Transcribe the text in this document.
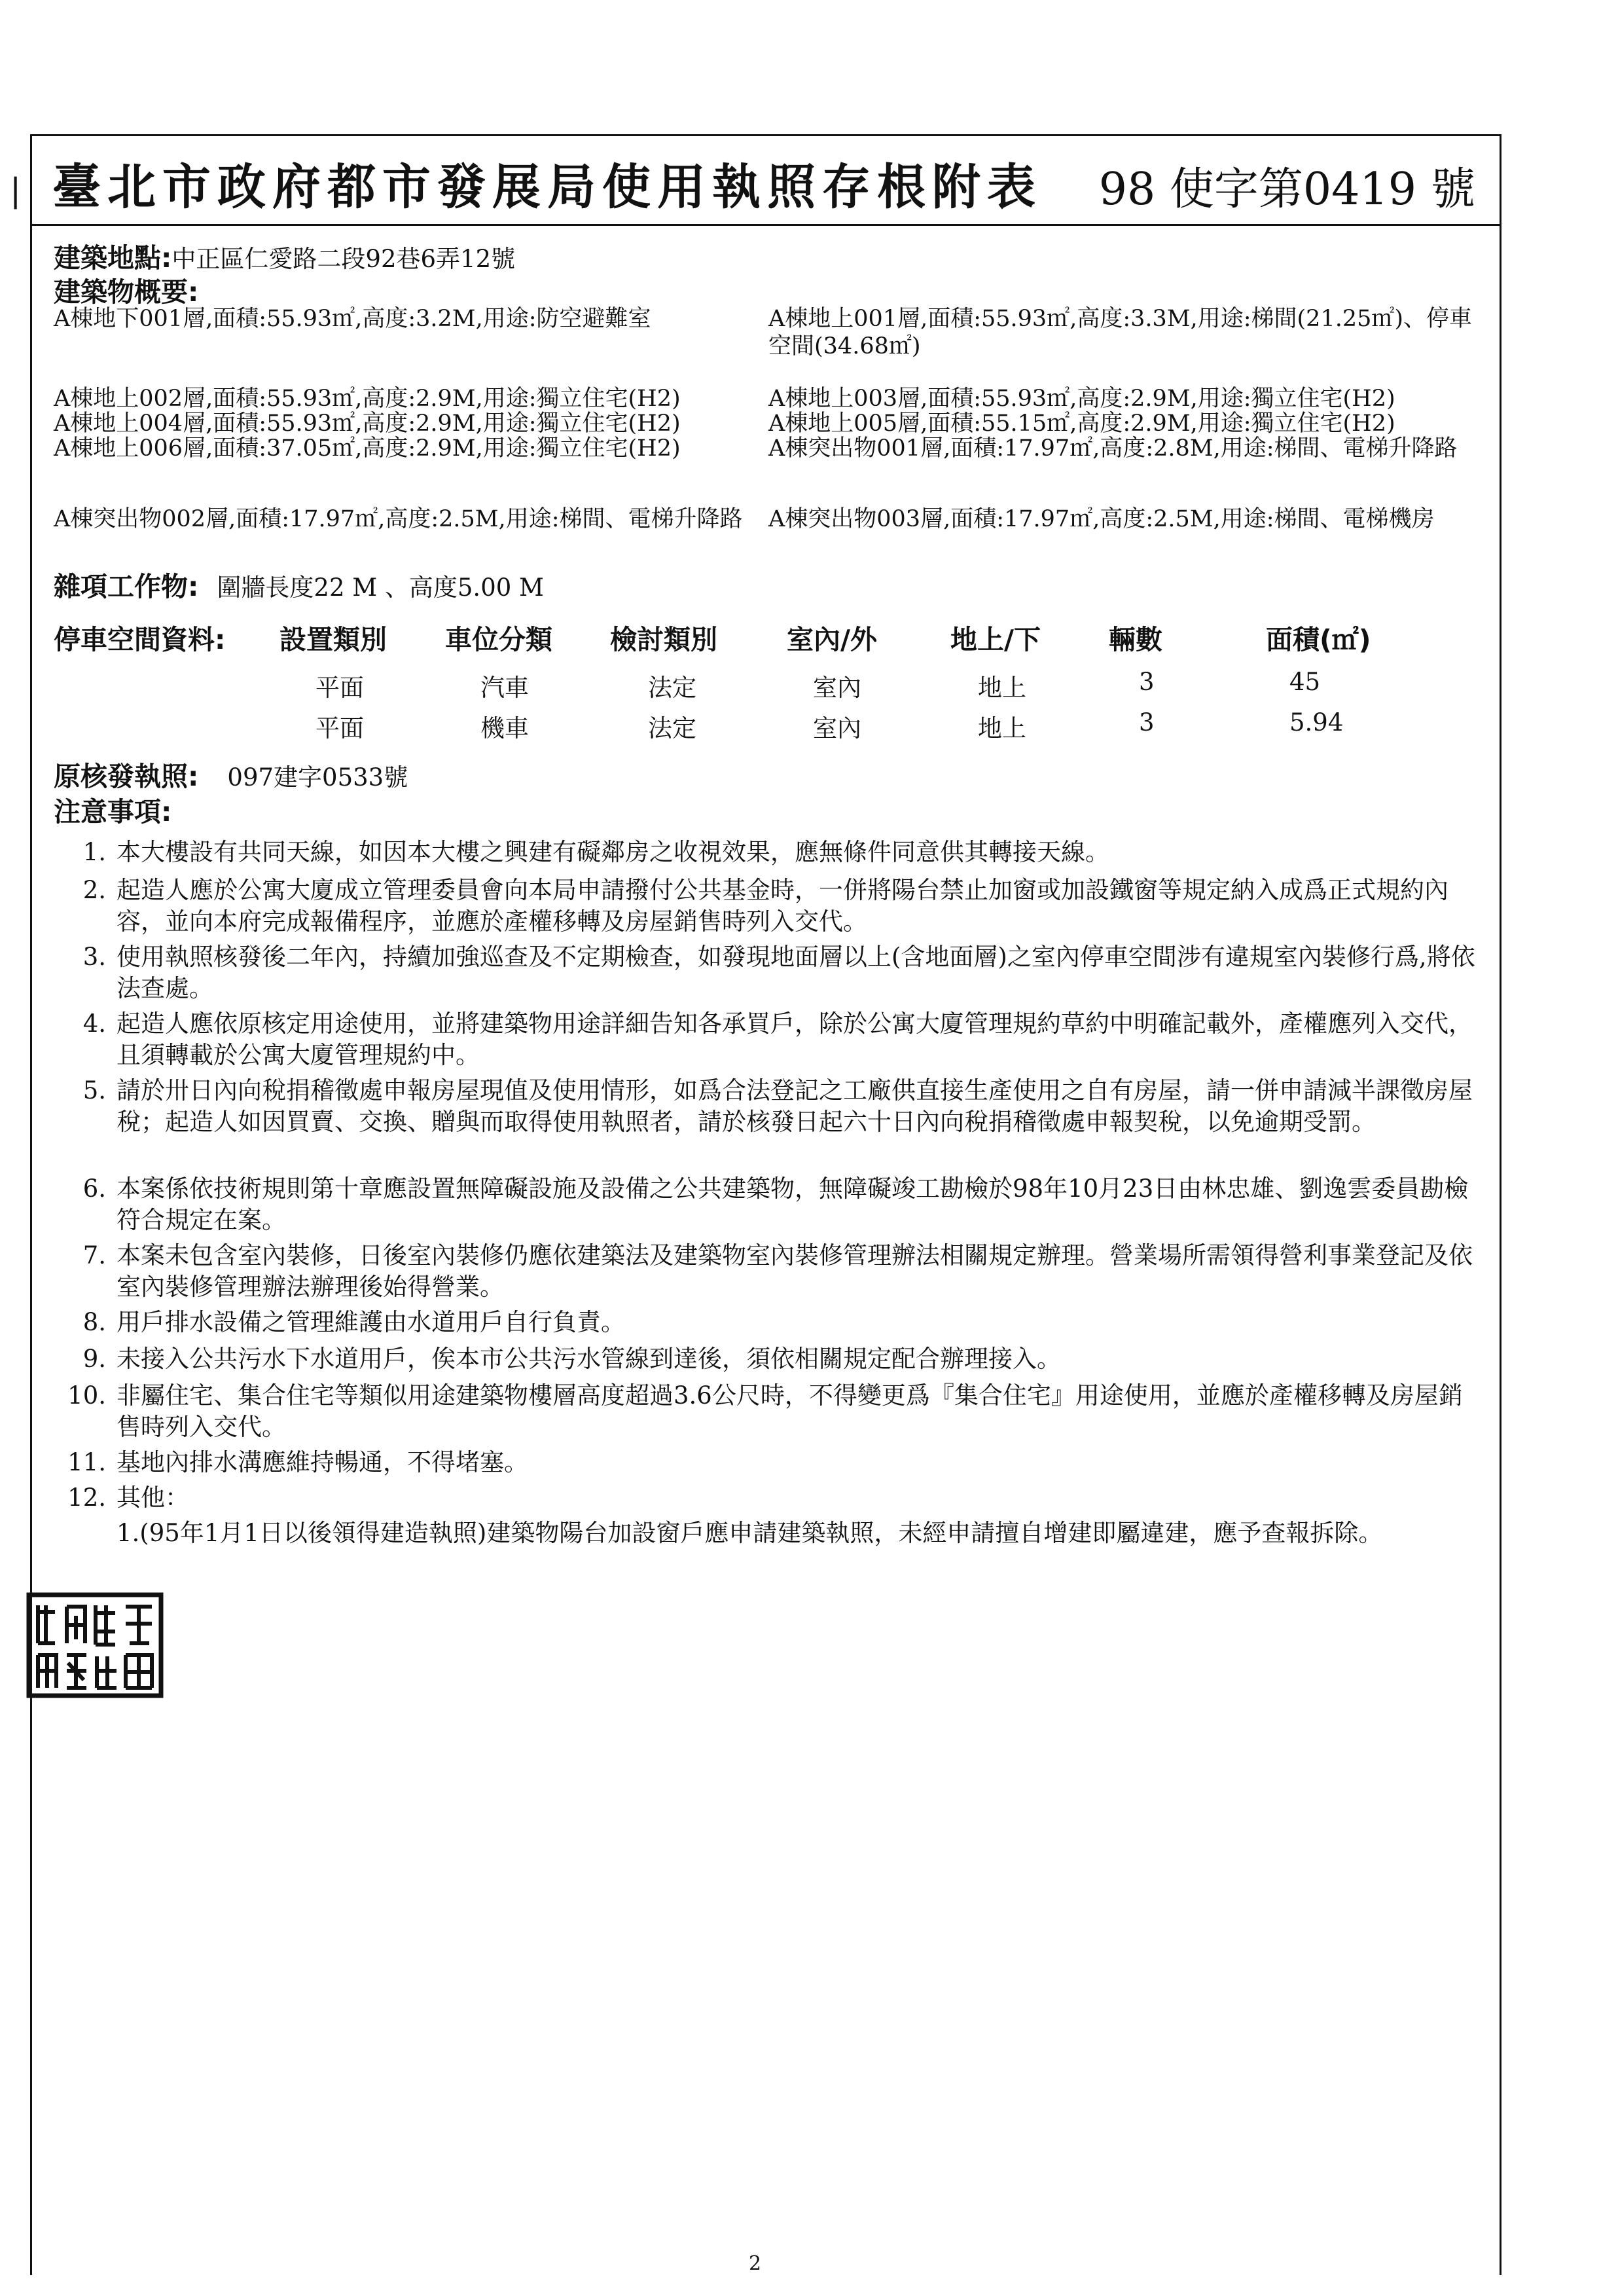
▏ 臺北市政府都市發展局使用執照存根附表 98 使字第0419 號
建築地點:中正區仁愛路二段92巷6弄12號
建築物概要:
A棟地下001層,面積:55.93㎡,高度:3.2M,用途:防空避難室	A棟地上001層,面積:55.93㎡,高度:3.3M,用途:梯間(21.25㎡)、停車空間(34.68㎡)
A棟地上002層,面積:55.93㎡,高度:2.9M,用途:獨立住宅(H2)	A棟地上003層,面積:55.93㎡,高度:2.9M,用途:獨立住宅(H2)
A棟地上004層,面積:55.93㎡,高度:2.9M,用途:獨立住宅(H2)	A棟地上005層,面積:55.15㎡,高度:2.9M,用途:獨立住宅(H2)
A棟地上006層,面積:37.05㎡,高度:2.9M,用途:獨立住宅(H2)	A棟突出物001層,面積:17.97㎡,高度:2.8M,用途:梯間、電梯升降路
A棟突出物002層,面積:17.97㎡,高度:2.5M,用途:梯間、電梯升降路	A棟突出物003層,面積:17.97㎡,高度:2.5M,用途:梯間、電梯機房
雜項工作物: 圍牆長度22 M 、高度5.00 M
停車空間資料: 設置類別 車位分類 檢討類別	室內/外	地上/下	輛數	面積(㎡)
平面	汽車	法定	室內	地上	3	45
平面	機車	法定	室內	地上	3	5.94
原核發執照: 097建字0533號
注意事項:
1. 本大樓設有共同天線，如因本大樓之興建有礙鄰房之收視效果，應無條件同意供其轉接天線。
2. 起造人應於公寓大廈成立管理委員會向本局申請撥付公共基金時，一併將陽台禁止加窗或加設鐵窗等規定納入成爲正式規約內容，並向本府完成報備程序，並應於產權移轉及房屋銷售時列入交代。
3. 使用執照核發後二年內，持續加強巡查及不定期檢查，如發現地面層以上(含地面層)之室內停車空間涉有違規室內裝修行爲,將依法查處。
4. 起造人應依原核定用途使用，並將建築物用途詳細告知各承買戶，除於公寓大廈管理規約草約中明確記載外，產權應列入交代，且須轉載於公寓大廈管理規約中。
5. 請於卅日內向稅捐稽徵處申報房屋現值及使用情形，如爲合法登記之工廠供直接生產使用之自有房屋，請一併申請減半課徵房屋稅；起造人如因買賣、交換、贈與而取得使用執照者，請於核發日起六十日內向稅捐稽徵處申報契稅，以免逾期受罰。
6. 本案係依技術規則第十章應設置無障礙設施及設備之公共建築物，無障礙竣工勘檢於98年10月23日由林忠雄、劉逸雲委員勘檢符合規定在案。
7. 本案未包含室內裝修，日後室內裝修仍應依建築法及建築物室內裝修管理辦法相關規定辦理。營業場所需領得營利事業登記及依室內裝修管理辦法辦理後始得營業。
8. 用戶排水設備之管理維護由水道用戶自行負責。
9. 未接入公共污水下水道用戶，俟本市公共污水管線到達後，須依相關規定配合辦理接入。
10. 非屬住宅、集合住宅等類似用途建築物樓層高度超過3.6公尺時，不得變更爲『集合住宅』用途使用，並應於產權移轉及房屋銷售時列入交代。
11. 基地內排水溝應維持暢通，不得堵塞。
12. 其他：
1.(95年1月1日以後領得建造執照)建築物陽台加設窗戶應申請建築執照，未經申請擅自增建即屬違建，應予查報拆除。
2
